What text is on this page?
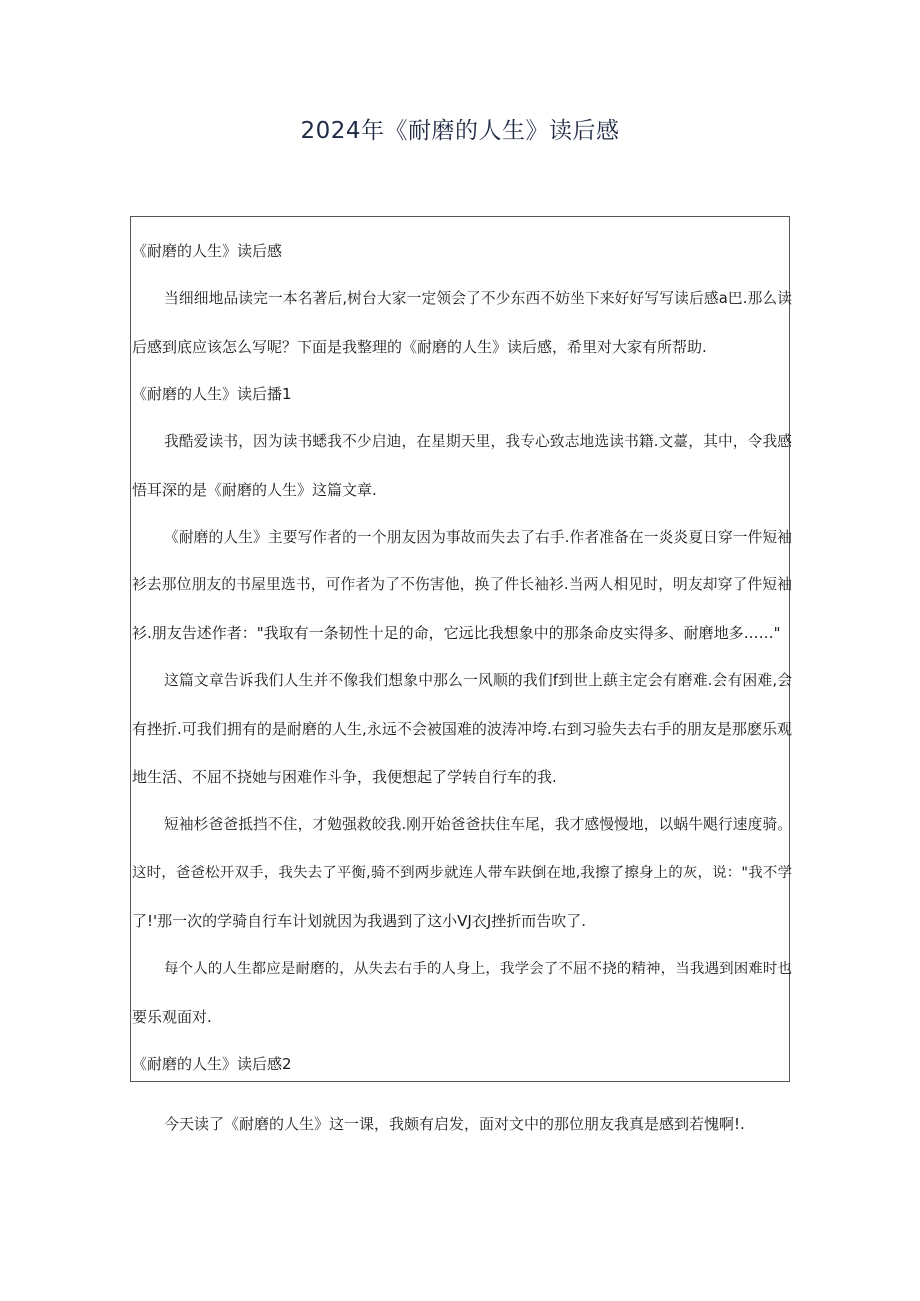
2024年《耐磨的人生》读后感
《耐磨的人生》读后感
当细细地品读完一本名著后,树台大家一定领会了不少东西不妨坐下来好好写写读后感a巴.那么读
后感到底应该怎么写呢？下面是我整理的《耐磨的人生》读后感，希里对大家有所帮助.
《耐磨的人生》读后播1
我酷爱读书，因为读书蟋我不少启迪，在星期天里，我专心致志地选读书籍.文薹，其中，令我感
悟耳深的是《耐磨的人生》这篇文章.
《耐磨的人生》主要写作者的一个朋友因为事故而失去了右手.作者准备在一炎炎夏日穿一件短袖
衫去那位朋友的书屋里选书，可作者为了不伤害他，换了件长袖衫.当两人相见时，明友却穿了件短袖
衫.朋友告述作者："我取有一条韧性十足的命，它远比我想象中的那条命皮实得多、耐磨地多……"
这篇文章告诉我们人生并不像我们想象中那么一风顺的我们f到世上蕻主定会有磨难.会有困难,会
有挫折.可我们拥有的是耐磨的人生,永远不会被国难的波涛冲垮.右到习验失去右手的朋友是那麽乐观
地生活、不屈不挠她与困难作斗争，我便想起了学转自行车的我.
短袖杉爸爸抵挡不住，才勉强救皎我.刚开始爸爸扶住车尾，我才感慢慢地，以蜗牛飓行速度骑。
这时，爸爸松开双手，我失去了平衡,骑不到两步就连人带车趺倒在地,我擦了擦身上的灰，说："我不学
了!'那一次的学骑自行车计划就因为我遇到了这小VJ衣J挫折而告吹了.
每个人的人生都应是耐磨的，从失去右手的人身上，我学会了不屈不挠的精神，当我遇到困难时也
要乐观面对.
《耐磨的人生》读后感2
今天读了《耐磨的人生》这一课，我颇有启发，面对文中的那位朋友我真是感到若愧啊!.
